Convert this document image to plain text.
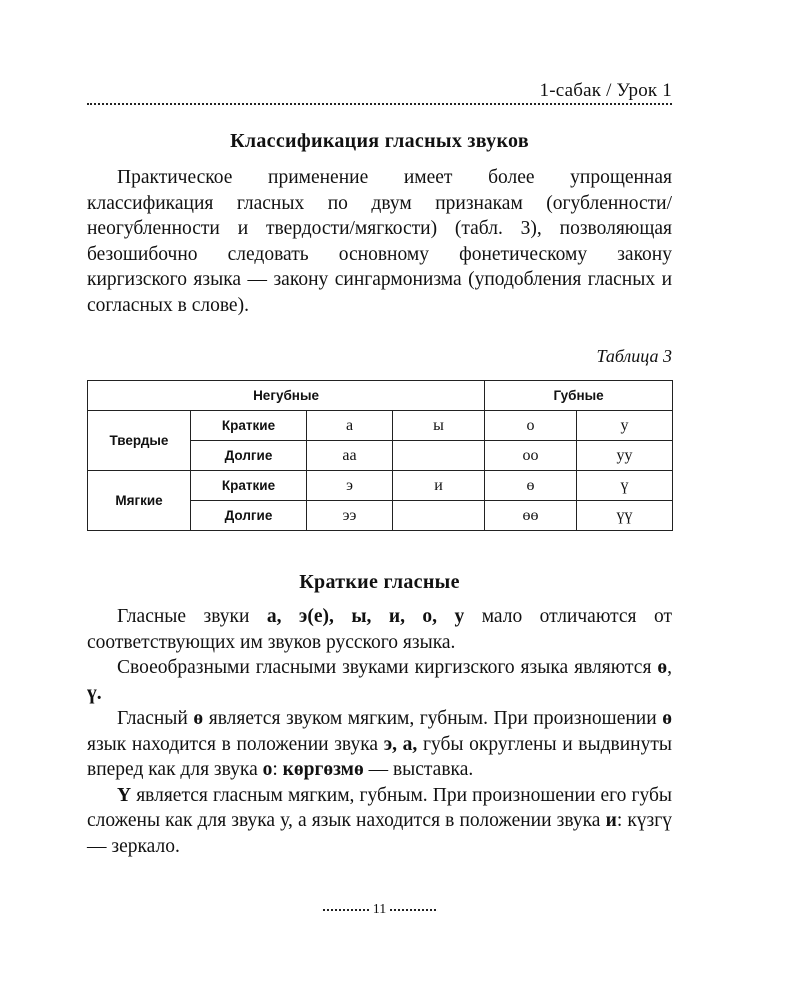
1-сабак / Урок 1
Классификация гласных звуков

Практическое применение имеет более упрощенная классификация гласных по двум признакам (огубленности/неогубленности и твердости/мягкости) (табл. 3), позволяющая безошибочно следовать основному фонетическому закону киргизского языка — закону сингармонизма (уподобления гласных и согласных в слове).

Таблица 3
Негубные				Губные	
Твердые	Краткие	а	ы	о	у
	Долгие	аа		оо	уу
Мягкие	Краткие	э	и	ө	ү
	Долгие	ээ		өө	үү
Краткие гласные

Гласные звуки а, э(е), ы, и, о, у мало отличаются от соответствующих им звуков русского языка.

Своеобразными гласными звуками киргизского языка являются ө, ү.

Гласный ө является звуком мягким, губным. При произношении ө язык находится в положении звука э, а, губы округлены и выдвинуты вперед как для звука о: көргөзмө — выставка.

Ү является гласным мягким, губным. При произношении его губы сложены как для звука у, а язык находится в положении звука и: күзгү — зеркало.

11
